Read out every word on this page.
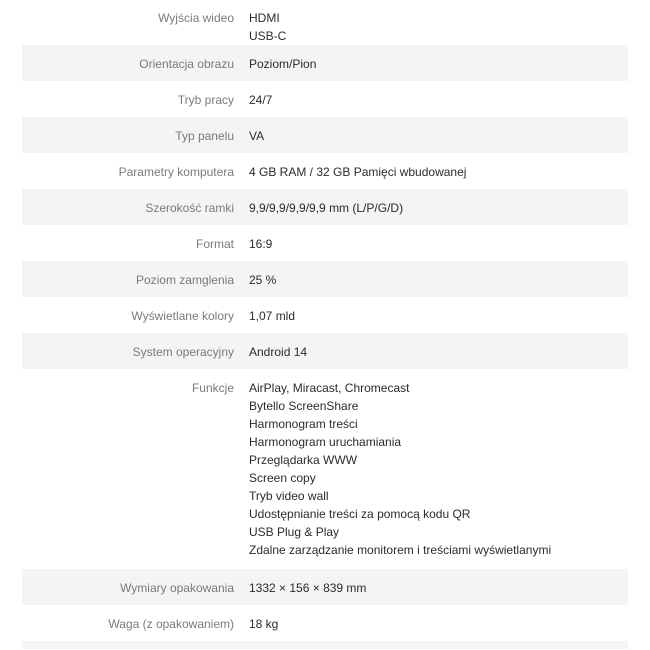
Wyjścia wideo	HDMI
USB-C
Orientacja obrazu	Poziom/Pion
Tryb pracy	24/7
Typ panelu	VA
Parametry komputera	4 GB RAM / 32 GB Pamięci wbudowanej
Szerokość ramki	9,9/9,9/9,9/9,9 mm (L/P/G/D)
Format	16:9
Poziom zamglenia	25 %
Wyświetlane kolory	1,07 mld
System operacyjny	Android 14
Funkcje	AirPlay, Miracast, Chromecast
Bytello ScreenShare
Harmonogram treści
Harmonogram uruchamiania
Przeglądarka WWW
Screen copy
Tryb video wall
Udostępnianie treści za pomocą kodu QR
USB Plug & Play
Zdalne zarządzanie monitorem i treściami wyświetlanymi
Wymiary opakowania	1332 × 156 × 839 mm
Waga (z opakowaniem)	18 kg
